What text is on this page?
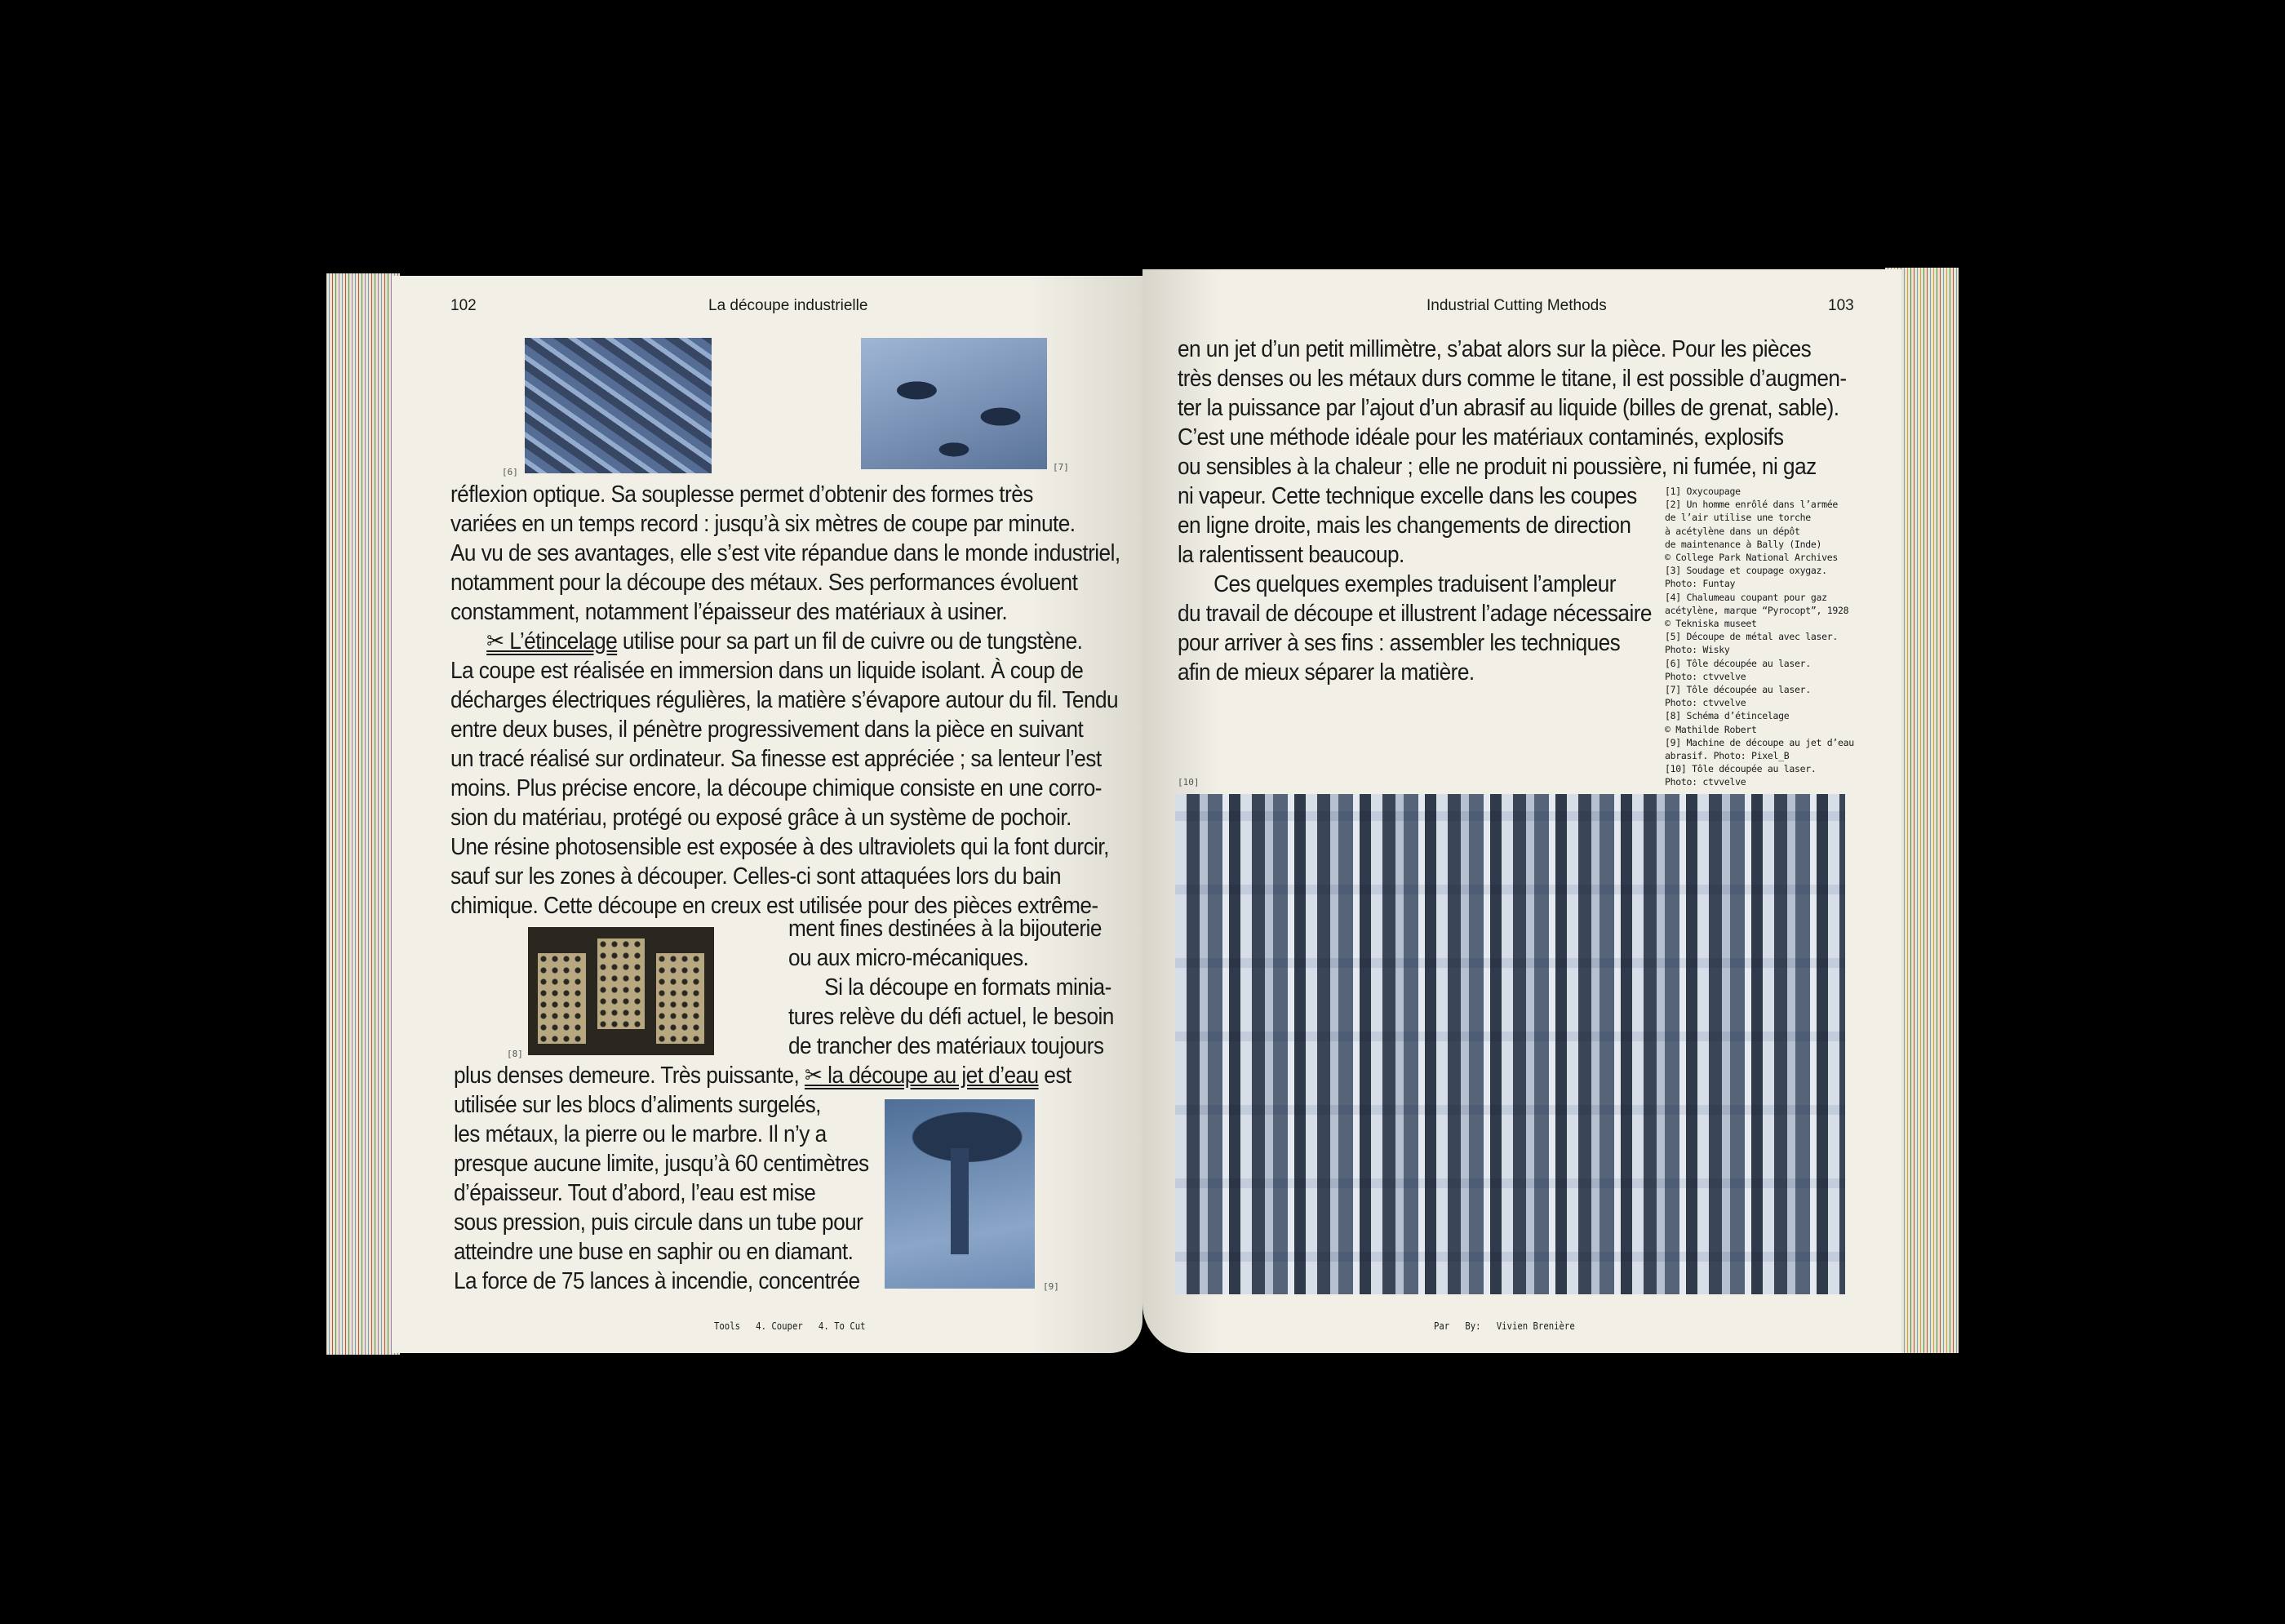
102	La découpe industrielle
[6]	[7]
réflexion optique. Sa souplesse permet d’obtenir des formes très
variées en un temps record : jusqu’à six mètres de coupe par minute.
Au vu de ses avantages, elle s’est vite répandue dans le monde industriel,
notamment pour la découpe des métaux. Ses performances évoluent
constamment, notamment l’épaisseur des matériaux à usiner.
✂ L’étincelage utilise pour sa part un fil de cuivre ou de tungstène.
La coupe est réalisée en immersion dans un liquide isolant. À coup de
décharges électriques régulières, la matière s’évapore autour du fil. Tendu
entre deux buses, il pénètre progressivement dans la pièce en suivant
un tracé réalisé sur ordinateur. Sa finesse est appréciée ; sa lenteur l’est
moins. Plus précise encore, la découpe chimique consiste en une corro-
sion du matériau, protégé ou exposé grâce à un système de pochoir.
Une résine photosensible est exposée à des ultraviolets qui la font durcir,
sauf sur les zones à découper. Celles-ci sont attaquées lors du bain
chimique. Cette découpe en creux est utilisée pour des pièces extrême-
[8]
ment fines destinées à la bijouterie
ou aux micro-mécaniques.
Si la découpe en formats minia-
tures relève du défi actuel, le besoin
de trancher des matériaux toujours
plus denses demeure. Très puissante, ✂ la découpe au jet d’eau est
utilisée sur les blocs d’aliments surgelés,
les métaux, la pierre ou le marbre. Il n’y a
presque aucune limite, jusqu’à 60 centimètres
d’épaisseur. Tout d’abord, l’eau est mise
sous pression, puis circule dans un tube pour
atteindre une buse en saphir ou en diamant.
La force de 75 lances à incendie, concentrée	[9]
Tools   4. Couper   4. To Cut
Industrial Cutting Methods	103
en un jet d’un petit millimètre, s’abat alors sur la pièce. Pour les pièces
très denses ou les métaux durs comme le titane, il est possible d’augmen-
ter la puissance par l’ajout d’un abrasif au liquide (billes de grenat, sable).
C’est une méthode idéale pour les matériaux contaminés, explosifs
ou sensibles à la chaleur ; elle ne produit ni poussière, ni fumée, ni gaz
ni vapeur. Cette technique excelle dans les coupes
en ligne droite, mais les changements de direction
la ralentissent beaucoup.
Ces quelques exemples traduisent l’ampleur
du travail de découpe et illustrent l’adage nécessaire
pour arriver à ses fins : assembler les techniques
afin de mieux séparer la matière.
[1] Oxycoupage
[2] Un homme enrôlé dans l’armée
de l’air utilise une torche
à acétylène dans un dépôt
de maintenance à Bally (Inde)
© College Park National Archives
[3] Soudage et coupage oxygaz.
Photo: Funtay
[4] Chalumeau coupant pour gaz
acétylène, marque “Pyrocopt”, 1928
© Tekniska museet
[5] Découpe de métal avec laser.
Photo: Wisky
[6] Tôle découpée au laser.
Photo: ctvvelve
[7] Tôle découpée au laser.
Photo: ctvvelve
[8] Schéma d’étincelage
© Mathilde Robert
[9] Machine de découpe au jet d’eau
abrasif. Photo: Pixel_B
[10] Tôle découpée au laser.
Photo: ctvvelve
[10]
Par   By:   Vivien Brenière
